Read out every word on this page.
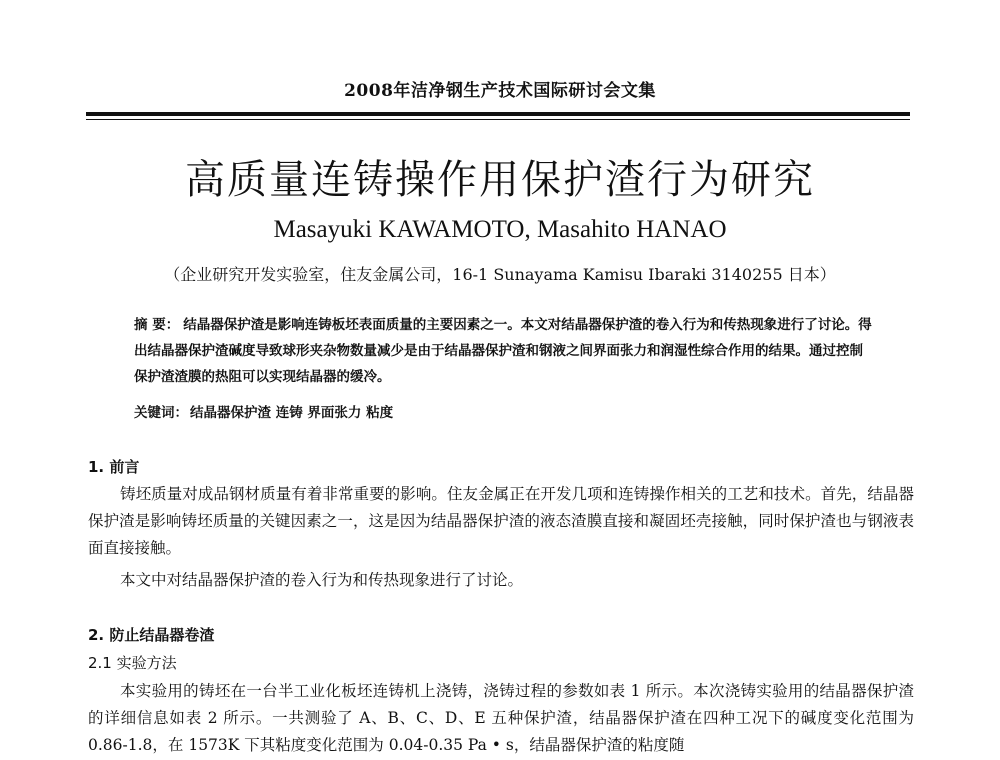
2008年洁净钢生产技术国际研讨会文集
高质量连铸操作用保护渣行为研究
Masayuki KAWAMOTO, Masahito HANAO
（企业研究开发实验室，住友金属公司，16-1 Sunayama Kamisu Ibaraki 3140255 日本）
摘 要： 结晶器保护渣是影响连铸板坯表面质量的主要因素之一。本文对结晶器保护渣的卷入行为和传热现象进行了讨论。得出结晶器保护渣碱度导致球形夹杂物数量减少是由于结晶器保护渣和钢液之间界面张力和润湿性综合作用的结果。通过控制保护渣渣膜的热阻可以实现结晶器的缓冷。
关键词： 结晶器保护渣 连铸 界面张力 粘度
1. 前言
铸坯质量对成品钢材质量有着非常重要的影响。住友金属正在开发几项和连铸操作相关的工艺和技术。首先，结晶器保护渣是影响铸坯质量的关键因素之一，这是因为结晶器保护渣的液态渣膜直接和凝固坯壳接触，同时保护渣也与钢液表面直接接触。
本文中对结晶器保护渣的卷入行为和传热现象进行了讨论。
2. 防止结晶器卷渣
2.1 实验方法
本实验用的铸坯在一台半工业化板坯连铸机上浇铸，浇铸过程的参数如表 1 所示。本次浇铸实验用的结晶器保护渣的详细信息如表 2 所示。一共测验了 A、B、C、D、E 五种保护渣，结晶器保护渣在四种工况下的碱度变化范围为 0.86-1.8，在 1573K 下其粘度变化范围为 0.04-0.35 Pa • s，结晶器保护渣的粘度随
